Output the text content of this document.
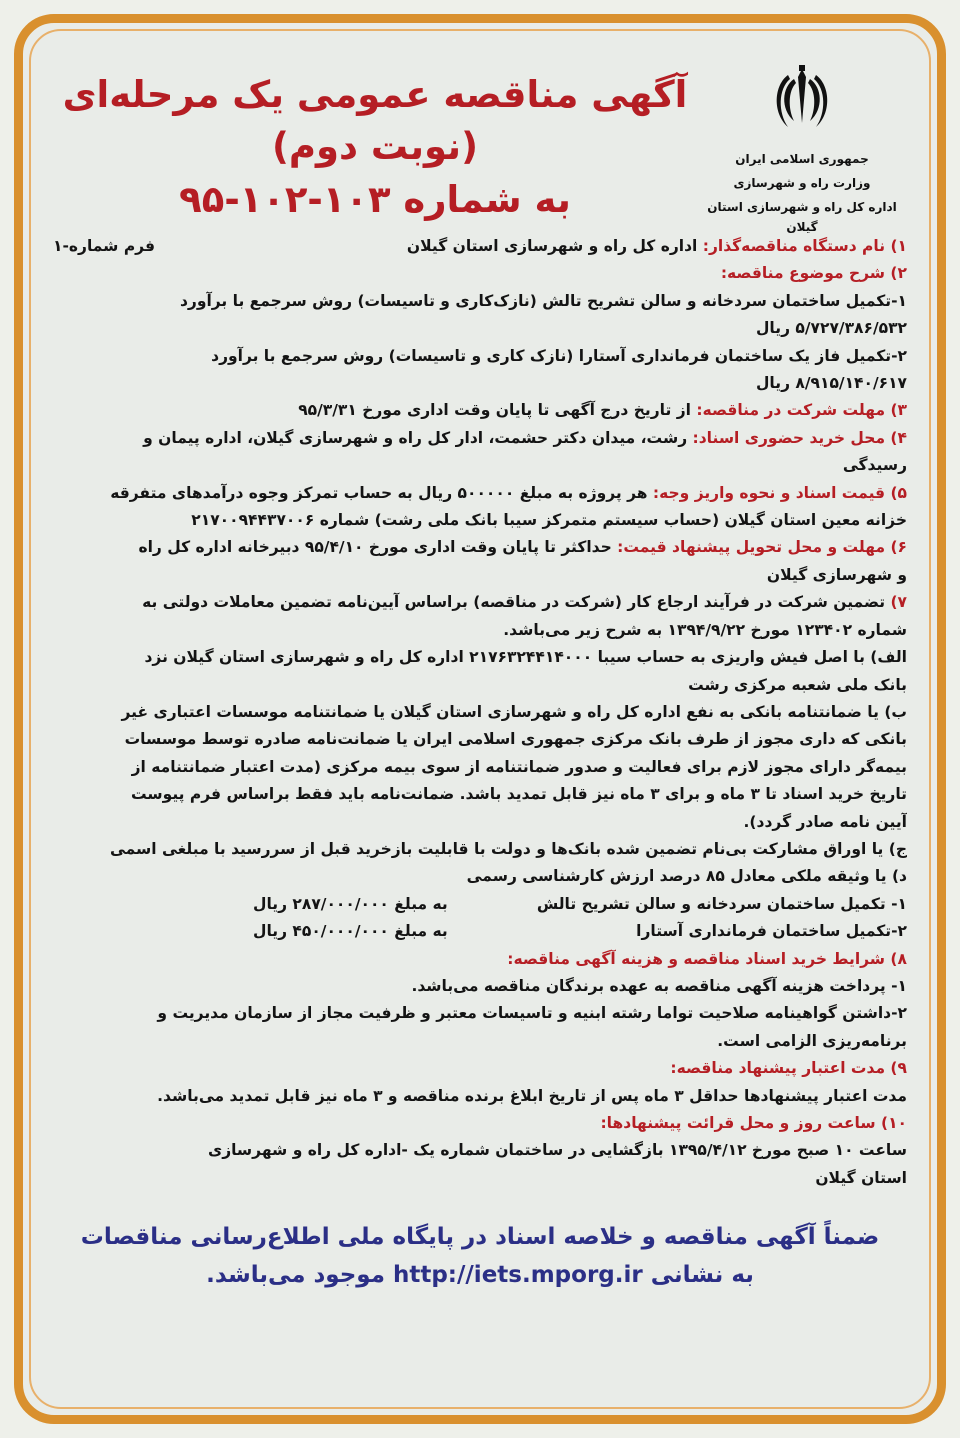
جمهوری اسلامی ایران
وزارت راه و شهرسازی
اداره کل راه و شهرسازی استان گیلان
آگهی مناقصه عمومی یک مرحله‌ای (نوبت دوم)
به شماره ۱۰۳-۱۰۲-۹۵
فرم شماره-۱	۱) نام دستگاه مناقصه‌گذار: اداره کل راه و شهرسازی استان گیلان
۲) شرح موضوع مناقصه:
۱-تکمیل ساختمان سردخانه و سالن تشریح تالش (نازک‌کاری و تاسیسات) روش سرجمع با برآورد
۵/۷۲۷/۳۸۶/۵۳۲ ریال
۲-تکمیل فاز یک ساختمان فرمانداری آستارا (نازک کاری و تاسیسات) روش سرجمع با برآورد
۸/۹۱۵/۱۴۰/۶۱۷ ریال
۳) مهلت شرکت در مناقصه: از تاریخ درج آگهی تا پایان وقت اداری مورخ ۹۵/۳/۳۱
۴) محل خرید حضوری اسناد: رشت، میدان دکتر حشمت، ادار کل راه و شهرسازی گیلان، اداره پیمان و
رسیدگی
۵) قیمت اسناد و نحوه واریز وجه: هر پروژه به مبلغ ۵۰۰۰۰۰ ریال به حساب تمرکز وجوه درآمدهای متفرقه
خزانه معین استان گیلان (حساب سیستم متمرکز سیبا بانک ملی رشت) شماره ۲۱۷۰۰۹۴۴۳۷۰۰۶
۶) مهلت و محل تحویل پیشنهاد قیمت: حداکثر تا پایان وقت اداری مورخ ۹۵/۴/۱۰ دبیرخانه اداره کل راه
و شهرسازی گیلان
۷) تضمین شرکت در فرآیند ارجاع کار (شرکت در مناقصه) براساس آیین‌نامه تضمین معاملات دولتی به
شماره ۱۲۳۴۰۲ مورخ ۱۳۹۴/۹/۲۲ به شرح زیر می‌باشد.
الف) با اصل فیش واریزی به حساب سیبا ۲۱۷۶۳۲۴۴۱۴۰۰۰ اداره کل راه و شهرسازی استان گیلان نزد
بانک ملی شعبه مرکزی رشت
ب) یا ضمانتنامه بانکی به نفع اداره کل راه و شهرسازی استان گیلان یا ضمانتنامه موسسات اعتباری غیر
بانکی که داری مجوز از طرف بانک مرکزی جمهوری اسلامی ایران یا ضمانت‌نامه صادره توسط موسسات
بیمه‌گر دارای مجوز لازم برای فعالیت و صدور ضمانتنامه از سوی بیمه مرکزی (مدت اعتبار ضمانتنامه از
تاریخ خرید اسناد تا ۳ ماه و برای ۳ ماه نیز قابل تمدید باشد. ضمانت‌نامه باید فقط براساس فرم پیوست
آیین نامه صادر گردد).
ج) یا اوراق مشارکت بی‌نام تضمین شده بانک‌ها و دولت با قابلیت بازخرید قبل از سررسید با مبلغی اسمی
د) یا وثیقه ملکی معادل ۸۵ درصد ارزش کارشناسی رسمی
۱- تکمیل ساختمان سردخانه و سالن تشریح تالش
به مبلغ ۲۸۷/۰۰۰/۰۰۰ ریال
۲-تکمیل ساختمان فرمانداری آستارا
به مبلغ ۴۵۰/۰۰۰/۰۰۰ ریال
۸) شرایط خرید اسناد مناقصه و هزینه آگهی مناقصه:
۱- پرداخت هزینه آگهی مناقصه به عهده برندگان مناقصه می‌باشد.
۲-داشتن گواهینامه صلاحیت تواما رشته ابنیه و تاسیسات معتبر و ظرفیت مجاز از سازمان مدیریت و
برنامه‌ریزی الزامی است.
۹) مدت اعتبار پیشنهاد مناقصه:
مدت اعتبار پیشنهادها حداقل ۳ ماه پس از تاریخ ابلاغ برنده مناقصه و ۳ ماه نیز قابل تمدید می‌باشد.
۱۰) ساعت روز و محل قرائت پیشنهادها:
ساعت ۱۰ صبح مورخ ۱۳۹۵/۴/۱۲ بازگشایی در ساختمان شماره یک -اداره کل راه و شهرسازی
استان گیلان
ضمناً آگهی مناقصه و خلاصه اسناد در پایگاه ملی اطلاع‌رسانی مناقصات
به نشانی http://iets.mporg.ir موجود می‌باشد.
